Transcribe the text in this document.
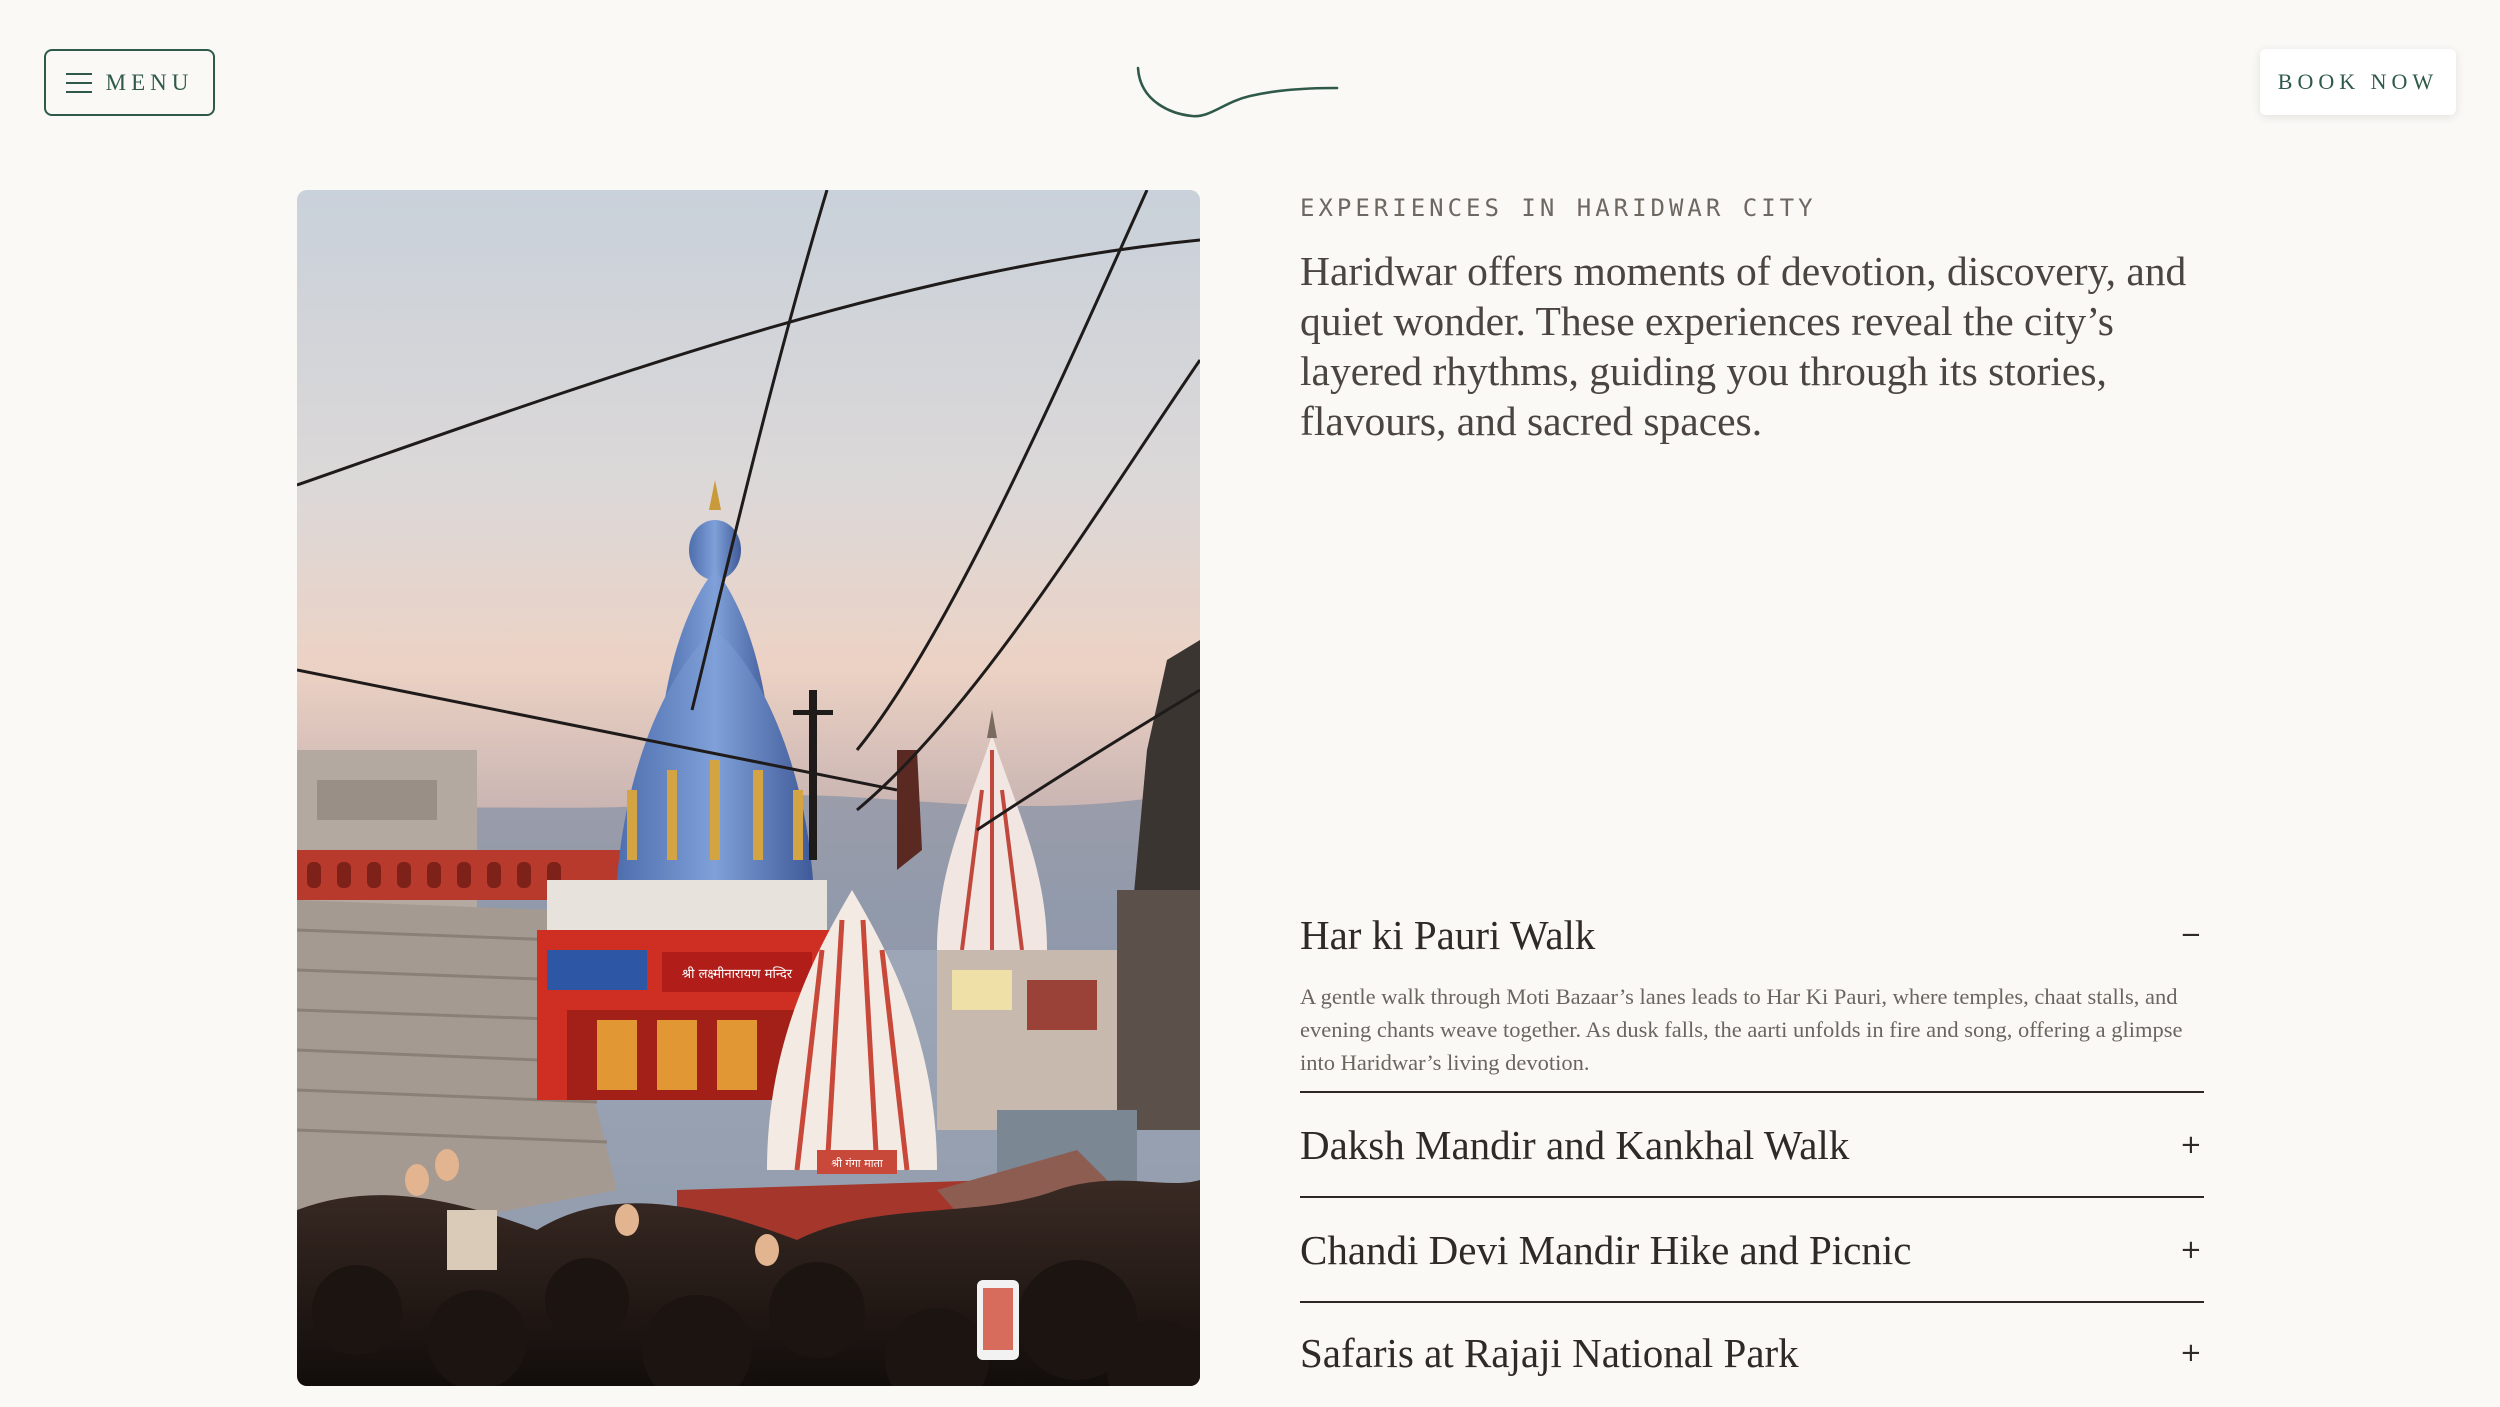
MENU	BOOK NOW
श्री लक्ष्मीनारायण मन्दिर
श्री गंगा माता
EXPERIENCES IN HARIDWAR CITY

Haridwar offers moments of devotion, discovery, and quiet wonder. These experiences reveal the city’s layered rhythms, guiding you through its stories, flavours, and sacred spaces.

Har ki Pauri Walk	−

A gentle walk through Moti Bazaar’s lanes leads to Har Ki Pauri, where temples, chaat stalls, and evening chants weave together. As dusk falls, the aarti unfolds in fire and song, offering a glimpse into Haridwar’s living devotion.

Daksh Mandir and Kankhal Walk	+
Chandi Devi Mandir Hike and Picnic	+
Safaris at Rajaji National Park	+
